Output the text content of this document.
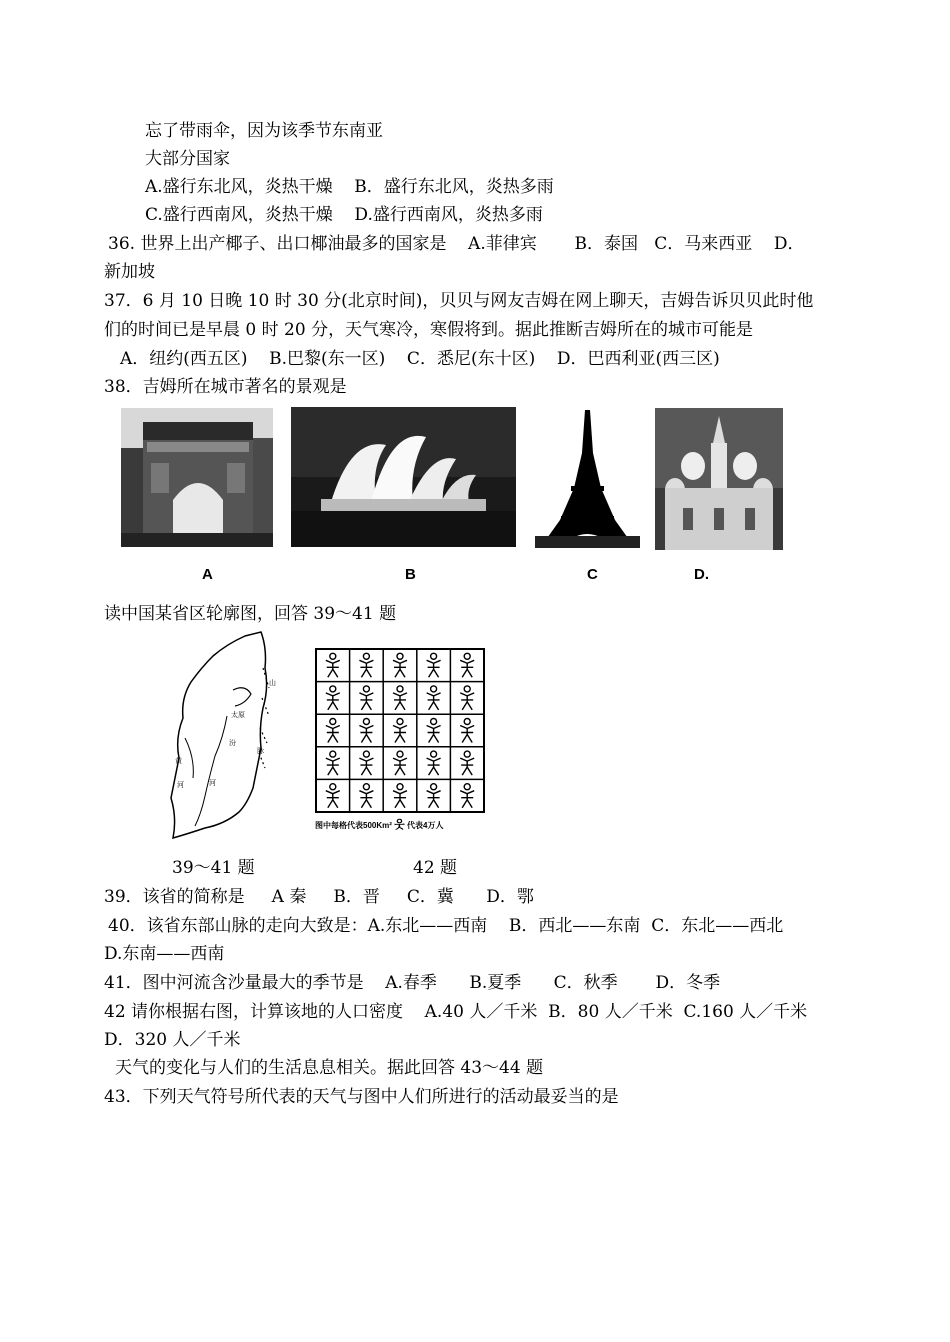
忘了带雨伞，因为该季节东南亚
大部分国家
A.盛行东北风，炎热干燥    B．盛行东北风，炎热多雨
C.盛行西南风，炎热干燥    D.盛行西南风，炎热多雨
36. 世界上出产椰子、出口椰油最多的国家是    A.菲律宾       B．泰国   C．马来西亚    D．
新加坡
37．6 月 10 日晚 10 时 30 分(北京时间)，贝贝与网友吉姆在网上聊天，吉姆告诉贝贝此时他
们的时间已是早晨 0 时 20 分，天气寒冷，寒假将到。据此推断吉姆所在的城市可能是
A．纽约(西五区)    B.巴黎(东一区)    C．悉尼(东十区)    D．巴西利亚(西三区)
38．吉姆所在城市著名的景观是
A	B	C	D.
读中国某省区轮廓图，回答 39～41 题
太原
山
汾
河
黄
河
脉
图中每格代表500Km² 웃 代表4万人
39～41 题	42 题
39．该省的简称是     A 秦     B．晋     C．冀      D．鄂
40．该省东部山脉的走向大致是：A.东北——西南    B．西北——东南  C．东北——西北
D.东南——西南
41．图中河流含沙量最大的季节是    A.春季      B.夏季      C．秋季       D．冬季
42 请你根据右图，计算该地的人口密度    A.40 人／千米  B．80 人／千米  C.160 人／千米
D．320 人／千米
天气的变化与人们的生活息息相关。据此回答 43～44 题
43．下列天气符号所代表的天气与图中人们所进行的活动最妥当的是
